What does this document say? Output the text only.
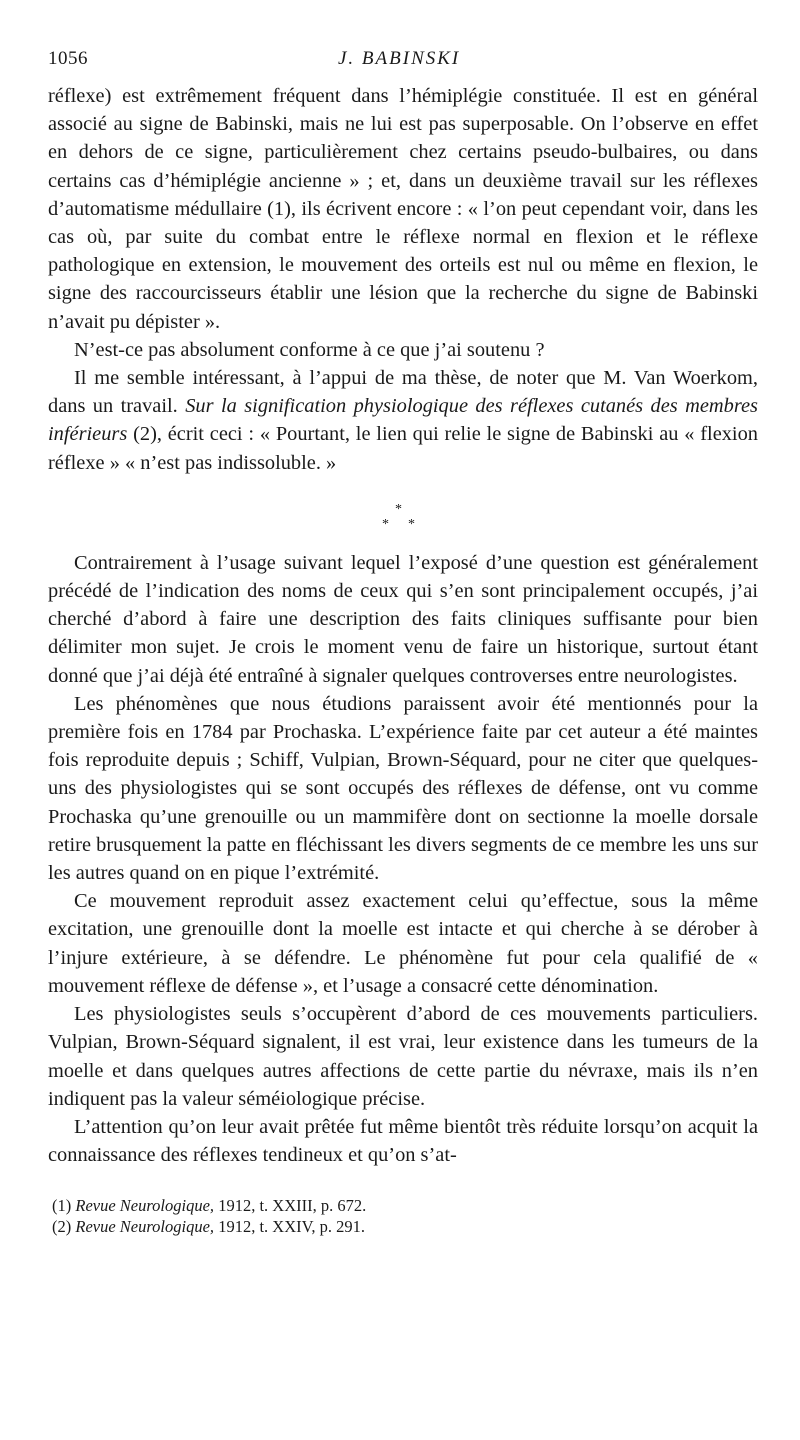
1056	J. BABINSKI

réflexe) est extrêmement fréquent dans l’hémiplégie constituée. Il est en général associé au signe de Babinski, mais ne lui est pas superposable. On l’observe en effet en dehors de ce signe, particulièrement chez certains pseudo-bulbaires, ou dans certains cas d’hémiplégie ancienne » ; et, dans un deuxième travail sur les réflexes d’automatisme médullaire (1), ils écrivent encore : « l’on peut cependant voir, dans les cas où, par suite du combat entre le réflexe normal en flexion et le réflexe pathologique en extension, le mouvement des orteils est nul ou même en flexion, le signe des raccourcisseurs établir une lésion que la recherche du signe de Babinski n’avait pu dépister ».

N’est-ce pas absolument conforme à ce que j’ai soutenu ?

Il me semble intéressant, à l’appui de ma thèse, de noter que M. Van Woerkom, dans un travail. Sur la signification physiologique des réflexes cutanés des membres inférieurs (2), écrit ceci : « Pourtant, le lien qui relie le signe de Babinski au « flexion réflexe » « n’est pas indissoluble. »

*
* *

Contrairement à l’usage suivant lequel l’exposé d’une question est généralement précédé de l’indication des noms de ceux qui s’en sont principalement occupés, j’ai cherché d’abord à faire une description des faits cliniques suffisante pour bien délimiter mon sujet. Je crois le moment venu de faire un historique, surtout étant donné que j’ai déjà été entraîné à signaler quelques controverses entre neurologistes.

Les phénomènes que nous étudions paraissent avoir été mentionnés pour la première fois en 1784 par Prochaska. L’expérience faite par cet auteur a été maintes fois reproduite depuis ; Schiff, Vulpian, Brown-Séquard, pour ne citer que quelques-uns des physiologistes qui se sont occupés des réflexes de défense, ont vu comme Prochaska qu’une grenouille ou un mammifère dont on sectionne la moelle dorsale retire brusquement la patte en fléchissant les divers segments de ce membre les uns sur les autres quand on en pique l’extrémité.

Ce mouvement reproduit assez exactement celui qu’effectue, sous la même excitation, une grenouille dont la moelle est intacte et qui cherche à se dérober à l’injure extérieure, à se défendre. Le phénomène fut pour cela qualifié de « mouvement réflexe de défense », et l’usage a consacré cette dénomination.

Les physiologistes seuls s’occupèrent d’abord de ces mouvements particuliers. Vulpian, Brown-Séquard signalent, il est vrai, leur existence dans les tumeurs de la moelle et dans quelques autres affections de cette partie du névraxe, mais ils n’en indiquent pas la valeur séméiologique précise.

L’attention qu’on leur avait prêtée fut même bientôt très réduite lorsqu’on acquit la connaissance des réflexes tendineux et qu’on s’at-

(1) Revue Neurologique, 1912, t. XXIII, p. 672.

(2) Revue Neurologique, 1912, t. XXIV, p. 291.
